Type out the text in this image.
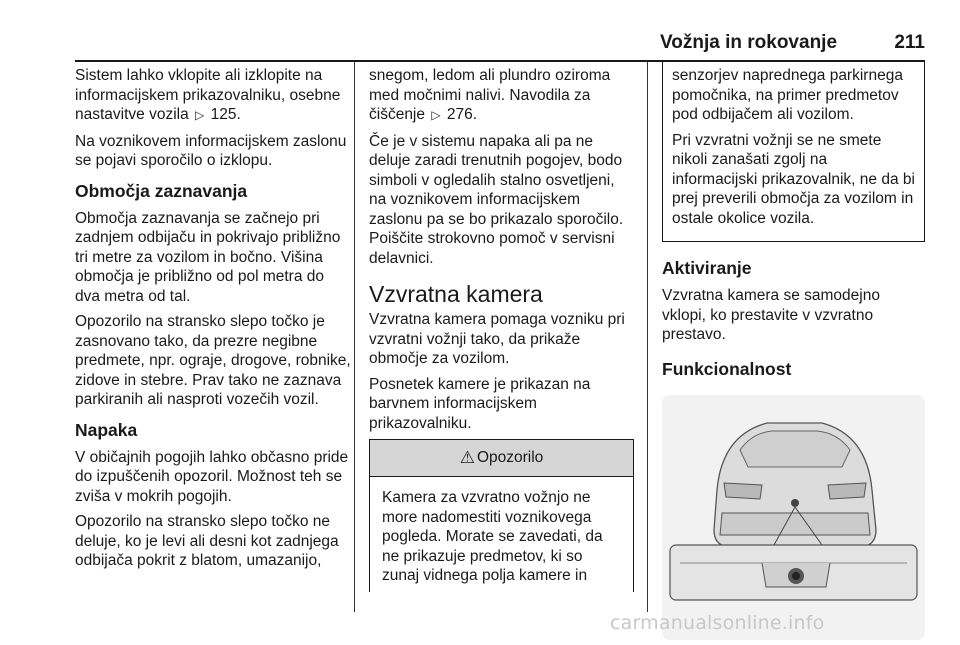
Vožnja in rokovanje	211

Sistem lahko vklopite ali izklopite na informacijskem prikazovalniku, osebne nastavitve vozila ▷ 125.

Na voznikovem informacijskem zaslonu se pojavi sporočilo o izklopu.

Območja zaznavanja

Območja zaznavanja se začnejo pri zadnjem odbijaču in pokrivajo približno tri metre za vozilom in bočno. Višina območja je približno od pol metra do dva metra od tal.

Opozorilo na stransko slepo točko je zasnovano tako, da prezre negibne predmete, npr. ograje, drogove, robnike, zidove in stebre. Prav tako ne zaznava parkiranih ali nasproti vozečih vozil.

Napaka

V običajnih pogojih lahko občasno pride do izpuščenih opozoril. Možnost teh se zviša v mokrih pogojih.

Opozorilo na stransko slepo točko ne deluje, ko je levi ali desni kot zadnjega odbijača pokrit z blatom, umazanijo,

snegom, ledom ali plundro oziroma med močnimi nalivi. Navodila za čiščenje ▷ 276.

Če je v sistemu napaka ali pa ne deluje zaradi trenutnih pogojev, bodo simboli v ogledalih stalno osvetljeni, na voznikovem informacijskem zaslonu pa se bo prikazalo sporočilo. Poiščite strokovno pomoč v servisni delavnici.

Vzvratna kamera

Vzvratna kamera pomaga vozniku pri vzvratni vožnji tako, da prikaže območje za vozilom.

Posnetek kamere je prikazan na barvnem informacijskem prikazovalniku.

⚠ Opozorilo
Kamera za vzvratno vožnjo ne more nadomestiti voznikovega pogleda. Morate se zavedati, da ne prikazuje predmetov, ki so zunaj vidnega polja kamere in

senzorjev naprednega parkirnega pomočnika, na primer predmetov pod odbijačem ali vozilom.

Pri vzvratni vožnji se ne smete nikoli zanašati zgolj na informacijski prikazovalnik, ne da bi prej preverili območja za vozilom in ostale okolice vozila.

Aktiviranje

Vzvratna kamera se samodejno vklopi, ko prestavite v vzvratno prestavo.

Funkcionalnost
carmanualsonline.info
